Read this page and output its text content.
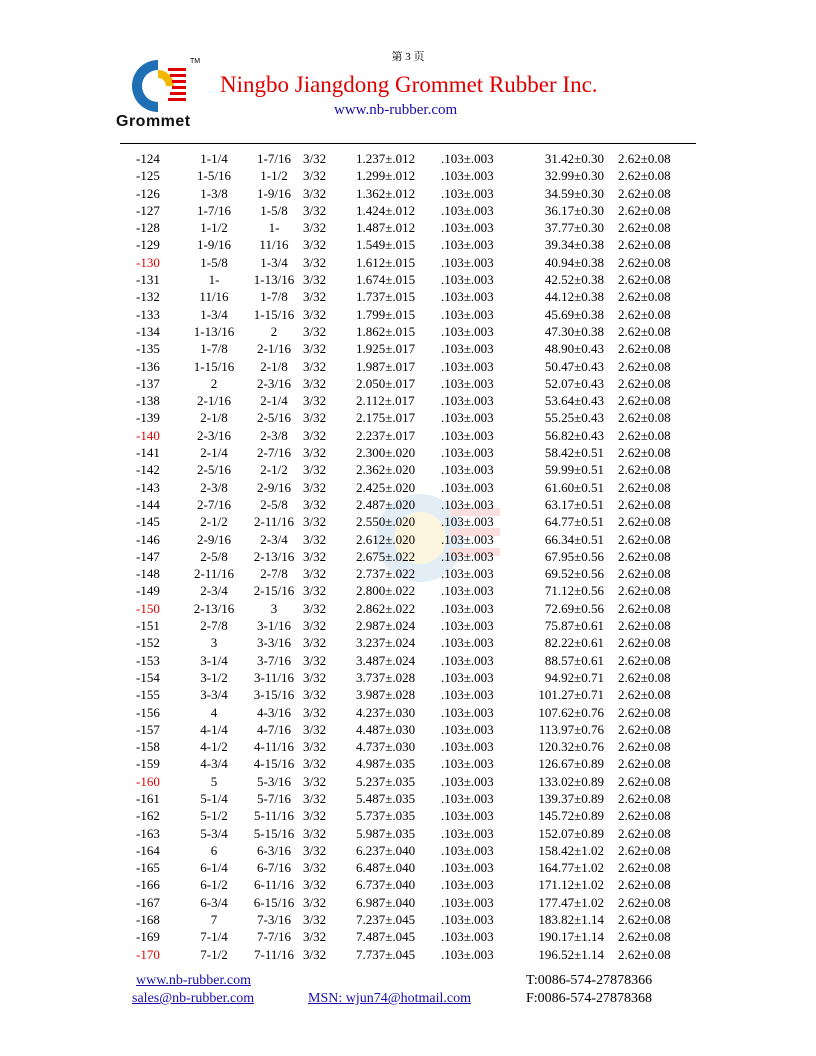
第 3 页
TM
Grommet
Ningbo Jiangdong Grommet Rubber Inc.
www.nb-rubber.com
-124	1-1/4	1-7/16 3/32 1.237±.012 .103±.003	31.42±0.30 2.62±0.08
-125	1-5/16	1-1/2	3/32 1.299±.012 .103±.003	32.99±0.30 2.62±0.08
-126	1-3/8	1-9/16 3/32 1.362±.012 .103±.003	34.59±0.30 2.62±0.08
-127	1-7/16	1-5/8	3/32 1.424±.012 .103±.003	36.17±0.30 2.62±0.08
-128	1-1/2	1-	3/32 1.487±.012 .103±.003	37.77±0.30 2.62±0.08
-129	1-9/16	11/16	3/32 1.549±.015 .103±.003	39.34±0.38 2.62±0.08
-130	1-5/8	1-3/4	3/32 1.612±.015 .103±.003	40.94±0.38 2.62±0.08
-131	1-	1-13/16 3/32 1.674±.015 .103±.003	42.52±0.38 2.62±0.08
-132	11/16	1-7/8	3/32 1.737±.015 .103±.003	44.12±0.38 2.62±0.08
-133	1-3/4	1-15/16 3/32 1.799±.015 .103±.003	45.69±0.38 2.62±0.08
-134	1-13/16	2	3/32 1.862±.015 .103±.003	47.30±0.38 2.62±0.08
-135	1-7/8	2-1/16 3/32 1.925±.017 .103±.003	48.90±0.43 2.62±0.08
-136	1-15/16	2-1/8	3/32 1.987±.017 .103±.003	50.47±0.43 2.62±0.08
-137	2	2-3/16 3/32 2.050±.017 .103±.003	52.07±0.43 2.62±0.08
-138	2-1/16	2-1/4	3/32 2.112±.017 .103±.003	53.64±0.43 2.62±0.08
-139	2-1/8	2-5/16 3/32 2.175±.017 .103±.003	55.25±0.43 2.62±0.08
-140	2-3/16	2-3/8	3/32 2.237±.017 .103±.003	56.82±0.43 2.62±0.08
-141	2-1/4	2-7/16 3/32 2.300±.020 .103±.003	58.42±0.51 2.62±0.08
-142	2-5/16	2-1/2	3/32 2.362±.020 .103±.003	59.99±0.51 2.62±0.08
-143	2-3/8	2-9/16 3/32 2.425±.020 .103±.003	61.60±0.51 2.62±0.08
-144	2-7/16	2-5/8	3/32 2.487±.020 .103±.003	63.17±0.51 2.62±0.08
-145	2-1/2	2-11/16 3/32 2.550±.020 .103±.003	64.77±0.51 2.62±0.08
-146	2-9/16	2-3/4	3/32 2.612±.020 .103±.003	66.34±0.51 2.62±0.08
-147	2-5/8	2-13/16 3/32 2.675±.022 .103±.003	67.95±0.56 2.62±0.08
-148	2-11/16	2-7/8	3/32 2.737±.022 .103±.003	69.52±0.56 2.62±0.08
-149	2-3/4	2-15/16 3/32 2.800±.022 .103±.003	71.12±0.56 2.62±0.08
-150	2-13/16	3	3/32 2.862±.022 .103±.003	72.69±0.56 2.62±0.08
-151	2-7/8	3-1/16 3/32 2.987±.024 .103±.003	75.87±0.61 2.62±0.08
-152	3	3-3/16 3/32 3.237±.024 .103±.003	82.22±0.61 2.62±0.08
-153	3-1/4	3-7/16 3/32 3.487±.024 .103±.003	88.57±0.61 2.62±0.08
-154	3-1/2	3-11/16 3/32 3.737±.028 .103±.003	94.92±0.71 2.62±0.08
-155	3-3/4	3-15/16 3/32 3.987±.028 .103±.003	101.27±0.71 2.62±0.08
-156	4	4-3/16 3/32 4.237±.030 .103±.003	107.62±0.76 2.62±0.08
-157	4-1/4	4-7/16 3/32 4.487±.030 .103±.003	113.97±0.76 2.62±0.08
-158	4-1/2	4-11/16 3/32 4.737±.030 .103±.003	120.32±0.76 2.62±0.08
-159	4-3/4	4-15/16 3/32 4.987±.035 .103±.003	126.67±0.89 2.62±0.08
-160	5	5-3/16 3/32 5.237±.035 .103±.003	133.02±0.89 2.62±0.08
-161	5-1/4	5-7/16 3/32 5.487±.035 .103±.003	139.37±0.89 2.62±0.08
-162	5-1/2	5-11/16 3/32 5.737±.035 .103±.003	145.72±0.89 2.62±0.08
-163	5-3/4	5-15/16 3/32 5.987±.035 .103±.003	152.07±0.89 2.62±0.08
-164	6	6-3/16 3/32 6.237±.040 .103±.003	158.42±1.02 2.62±0.08
-165	6-1/4	6-7/16 3/32 6.487±.040 .103±.003	164.77±1.02 2.62±0.08
-166	6-1/2	6-11/16 3/32 6.737±.040 .103±.003	171.12±1.02 2.62±0.08
-167	6-3/4	6-15/16 3/32 6.987±.040 .103±.003	177.47±1.02 2.62±0.08
-168	7	7-3/16 3/32 7.237±.045 .103±.003	183.82±1.14 2.62±0.08
-169	7-1/4	7-7/16 3/32 7.487±.045 .103±.003	190.17±1.14 2.62±0.08
-170	7-1/2	7-11/16 3/32 7.737±.045 .103±.003	196.52±1.14 2.62±0.08
www.nb-rubber.com
sales@nb-rubber.com	MSN: wjun74@hotmail.com
T:0086-574-27878366
F:0086-574-27878368
